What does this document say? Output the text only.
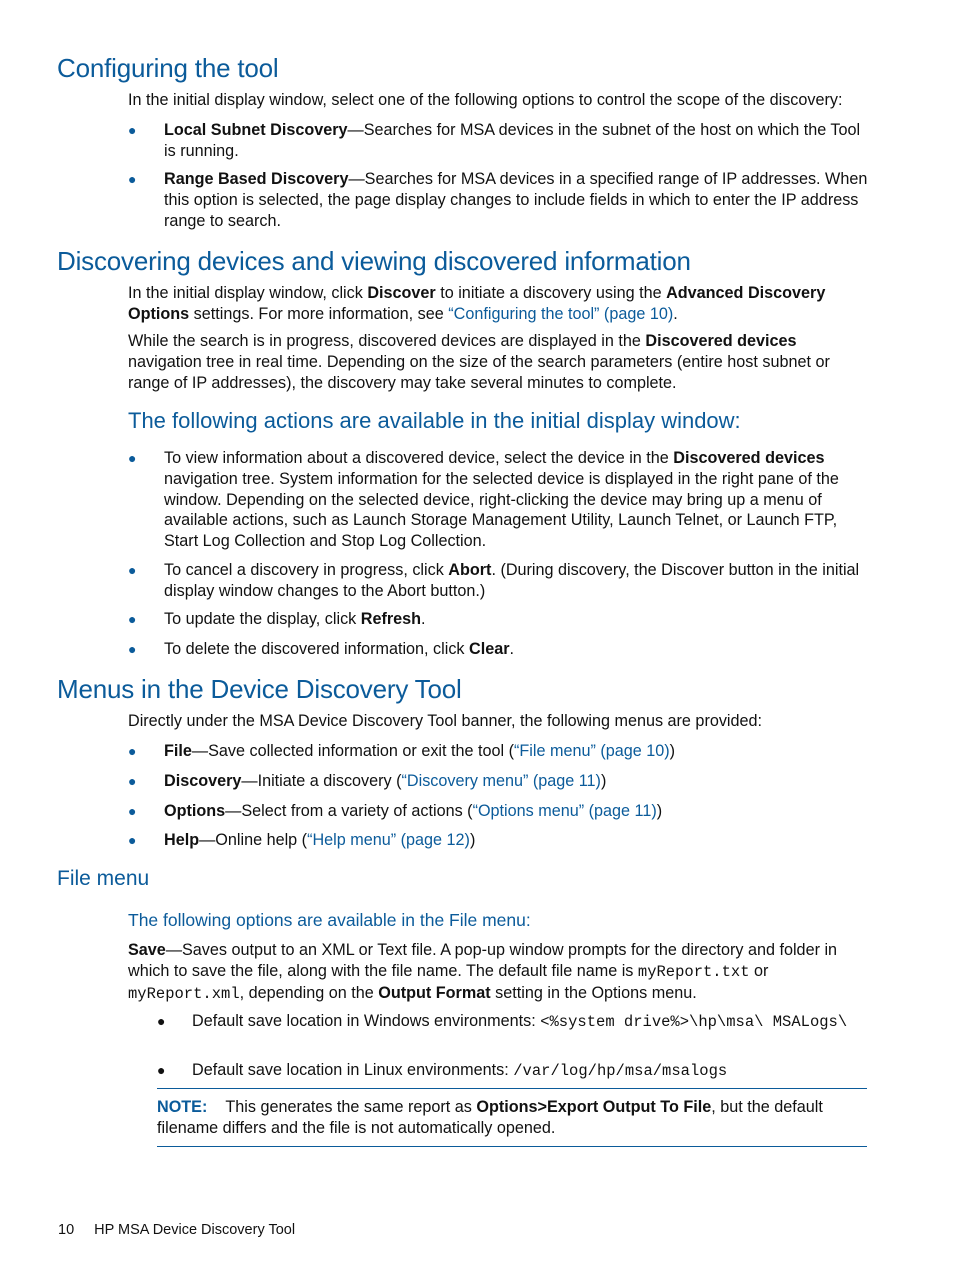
Configuring the tool

In the initial display window, select one of the following options to control the scope of the discovery:

● Local Subnet Discovery—Searches for MSA devices in the subnet of the host on which the Tool is running.
● Range Based Discovery—Searches for MSA devices in a specified range of IP addresses. When this option is selected, the page display changes to include fields in which to enter the IP address range to search.
Discovering devices and viewing discovered information

In the initial display window, click Discover to initiate a discovery using the Advanced Discovery Options settings. For more information, see “Configuring the tool” (page 10).

While the search is in progress, discovered devices are displayed in the Discovered devices navigation tree in real time. Depending on the size of the search parameters (entire host subnet or range of IP addresses), the discovery may take several minutes to complete.

The following actions are available in the initial display window:
● To view information about a discovered device, select the device in the Discovered devices navigation tree. System information for the selected device is displayed in the right pane of the window. Depending on the selected device, right-clicking the device may bring up a menu of available actions, such as Launch Storage Management Utility, Launch Telnet, or Launch FTP, Start Log Collection and Stop Log Collection.
● To cancel a discovery in progress, click Abort. (During discovery, the Discover button in the initial display window changes to the Abort button.)
● To update the display, click Refresh.
● To delete the discovered information, click Clear.
Menus in the Device Discovery Tool

Directly under the MSA Device Discovery Tool banner, the following menus are provided:

● File—Save collected information or exit the tool (“File menu” (page 10))
● Discovery—Initiate a discovery (“Discovery menu” (page 11))
● Options—Select from a variety of actions (“Options menu” (page 11))
● Help—Online help (“Help menu” (page 12))
File menu
The following options are available in the File menu:

Save—Saves output to an XML or Text file. A pop-up window prompts for the directory and folder in which to save the file, along with the file name. The default file name is myReport.txt or myReport.xml, depending on the Output Format setting in the Options menu.

● Default save location in Windows environments: <%system drive%>\hp\msa\ MSALogs\
● Default save location in Linux environments: /var/log/hp/msa/msalogs
NOTE: This generates the same report as Options>Export Output To File, but the default filename differs and the file is not automatically opened.
10 HP MSA Device Discovery Tool
